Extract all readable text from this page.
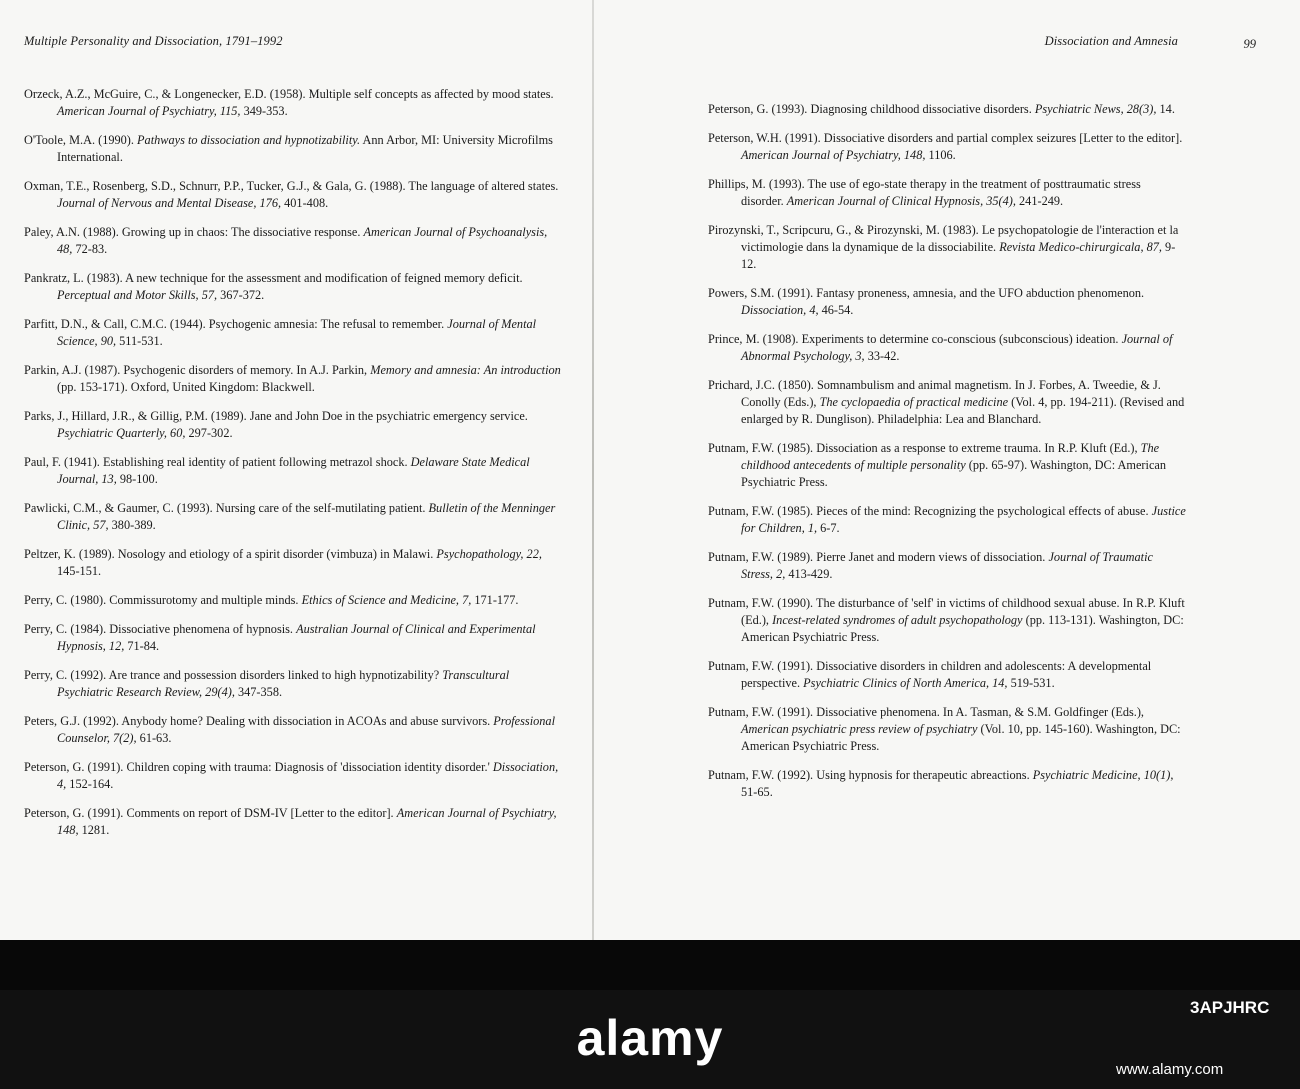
Multiple Personality and Dissociation, 1791–1992

Orzeck, A.Z., McGuire, C., & Longenecker, E.D. (1958). Multiple self concepts as affected by mood states. American Journal of Psychiatry, 115, 349-353.

O'Toole, M.A. (1990). Pathways to dissociation and hypnotizability. Ann Arbor, MI: University Microfilms International.

Oxman, T.E., Rosenberg, S.D., Schnurr, P.P., Tucker, G.J., & Gala, G. (1988). The language of altered states. Journal of Nervous and Mental Disease, 176, 401-408.

Paley, A.N. (1988). Growing up in chaos: The dissociative response. American Journal of Psychoanalysis, 48, 72-83.

Pankratz, L. (1983). A new technique for the assessment and modification of feigned memory deficit. Perceptual and Motor Skills, 57, 367-372.

Parfitt, D.N., & Call, C.M.C. (1944). Psychogenic amnesia: The refusal to remember. Journal of Mental Science, 90, 511-531.

Parkin, A.J. (1987). Psychogenic disorders of memory. In A.J. Parkin, Memory and amnesia: An introduction (pp. 153-171). Oxford, United Kingdom: Blackwell.

Parks, J., Hillard, J.R., & Gillig, P.M. (1989). Jane and John Doe in the psychiatric emergency service. Psychiatric Quarterly, 60, 297-302.

Paul, F. (1941). Establishing real identity of patient following metrazol shock. Delaware State Medical Journal, 13, 98-100.

Pawlicki, C.M., & Gaumer, C. (1993). Nursing care of the self-mutilating patient. Bulletin of the Menninger Clinic, 57, 380-389.

Peltzer, K. (1989). Nosology and etiology of a spirit disorder (vimbuza) in Malawi. Psychopathology, 22, 145-151.

Perry, C. (1980). Commissurotomy and multiple minds. Ethics of Science and Medicine, 7, 171-177.

Perry, C. (1984). Dissociative phenomena of hypnosis. Australian Journal of Clinical and Experimental Hypnosis, 12, 71-84.

Perry, C. (1992). Are trance and possession disorders linked to high hypnotizability? Transcultural Psychiatric Research Review, 29(4), 347-358.

Peters, G.J. (1992). Anybody home? Dealing with dissociation in ACOAs and abuse survivors. Professional Counselor, 7(2), 61-63.

Peterson, G. (1991). Children coping with trauma: Diagnosis of 'dissociation identity disorder.' Dissociation, 4, 152-164.

Peterson, G. (1991). Comments on report of DSM-IV [Letter to the editor]. American Journal of Psychiatry, 148, 1281.

Dissociation and Amnesia	99

Peterson, G. (1993). Diagnosing childhood dissociative disorders. Psychiatric News, 28(3), 14.

Peterson, W.H. (1991). Dissociative disorders and partial complex seizures [Letter to the editor]. American Journal of Psychiatry, 148, 1106.

Phillips, M. (1993). The use of ego-state therapy in the treatment of posttraumatic stress disorder. American Journal of Clinical Hypnosis, 35(4), 241-249.

Pirozynski, T., Scripcuru, G., & Pirozynski, M. (1983). Le psychopatologie de l'interaction et la victimologie dans la dynamique de la dissociabilite. Revista Medico-chirurgicala, 87, 9-12.

Powers, S.M. (1991). Fantasy proneness, amnesia, and the UFO abduction phenomenon. Dissociation, 4, 46-54.

Prince, M. (1908). Experiments to determine co-conscious (subconscious) ideation. Journal of Abnormal Psychology, 3, 33-42.

Prichard, J.C. (1850). Somnambulism and animal magnetism. In J. Forbes, A. Tweedie, & J. Conolly (Eds.), The cyclopaedia of practical medicine (Vol. 4, pp. 194-211). (Revised and enlarged by R. Dunglison). Philadelphia: Lea and Blanchard.

Putnam, F.W. (1985). Dissociation as a response to extreme trauma. In R.P. Kluft (Ed.), The childhood antecedents of multiple personality (pp. 65-97). Washington, DC: American Psychiatric Press.

Putnam, F.W. (1985). Pieces of the mind: Recognizing the psychological effects of abuse. Justice for Children, 1, 6-7.

Putnam, F.W. (1989). Pierre Janet and modern views of dissociation. Journal of Traumatic Stress, 2, 413-429.

Putnam, F.W. (1990). The disturbance of 'self' in victims of childhood sexual abuse. In R.P. Kluft (Ed.), Incest-related syndromes of adult psychopathology (pp. 113-131). Washington, DC: American Psychiatric Press.

Putnam, F.W. (1991). Dissociative disorders in children and adolescents: A developmental perspective. Psychiatric Clinics of North America, 14, 519-531.

Putnam, F.W. (1991). Dissociative phenomena. In A. Tasman, & S.M. Goldfinger (Eds.), American psychiatric press review of psychiatry (Vol. 10, pp. 145-160). Washington, DC: American Psychiatric Press.

Putnam, F.W. (1992). Using hypnosis for therapeutic abreactions. Psychiatric Medicine, 10(1), 51-65.

alamy
3APJHRC
www.alamy.com
